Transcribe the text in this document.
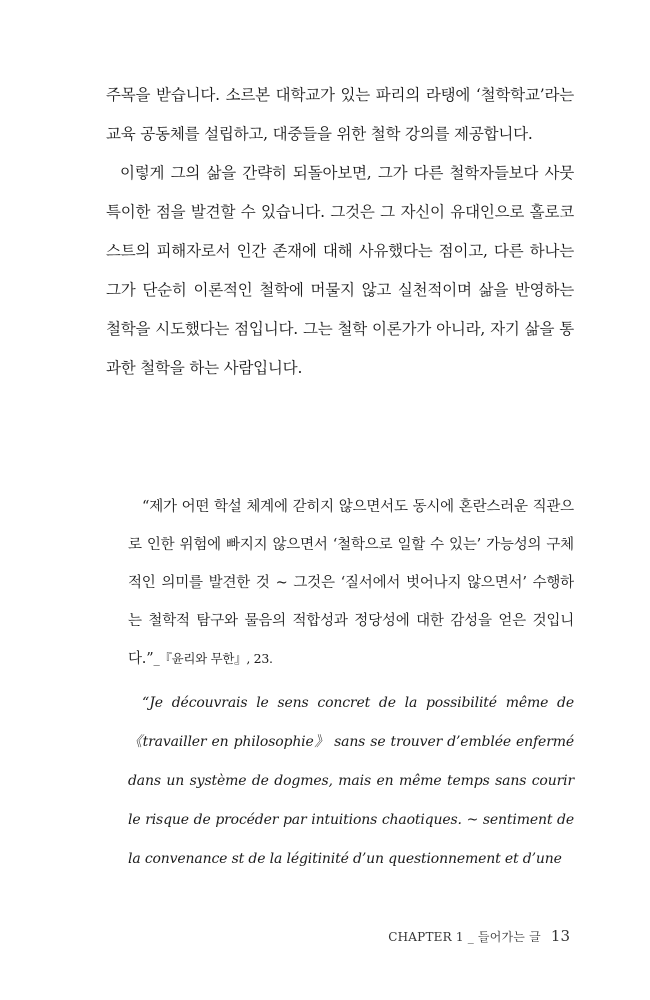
주목을 받습니다. 소르본 대학교가 있는 파리의 라탱에 ‘철학학교’라는 교육 공동체를 설립하고, 대중들을 위한 철학 강의를 제공합니다.

이렇게 그의 삶을 간략히 되돌아보면, 그가 다른 철학자들보다 사뭇 특이한 점을 발견할 수 있습니다. 그것은 그 자신이 유대인으로 홀로코스트의 피해자로서 인간 존재에 대해 사유했다는 점이고, 다른 하나는 그가 단순히 이론적인 철학에 머물지 않고 실천적이며 삶을 반영하는 철학을 시도했다는 점입니다. 그는 철학 이론가가 아니라, 자기 삶을 통과한 철학을 하는 사람입니다.

“제가 어떤 학설 체계에 갇히지 않으면서도 동시에 혼란스러운 직관으로 인한 위험에 빠지지 않으면서 ‘철학으로 일할 수 있는’ 가능성의 구체적인 의미를 발견한 것 ~ 그것은 ‘질서에서 벗어나지 않으면서’ 수행하는 철학적 탐구와 물음의 적합성과 정당성에 대한 감성을 얻은 것입니다.”_『윤리와 무한』, 23.

“Je découvrais le sens concret de la possibilité même de 《travailler en philosophie》 sans se trouver d’emblée enfermé dans un système de dogmes, mais en même temps sans courir le risque de procéder par intuitions chaotiques. ~ sentiment de la convenance st de la légitinité d’un questionnement et d’une

CHAPTER 1 _ 들어가는 글 13
